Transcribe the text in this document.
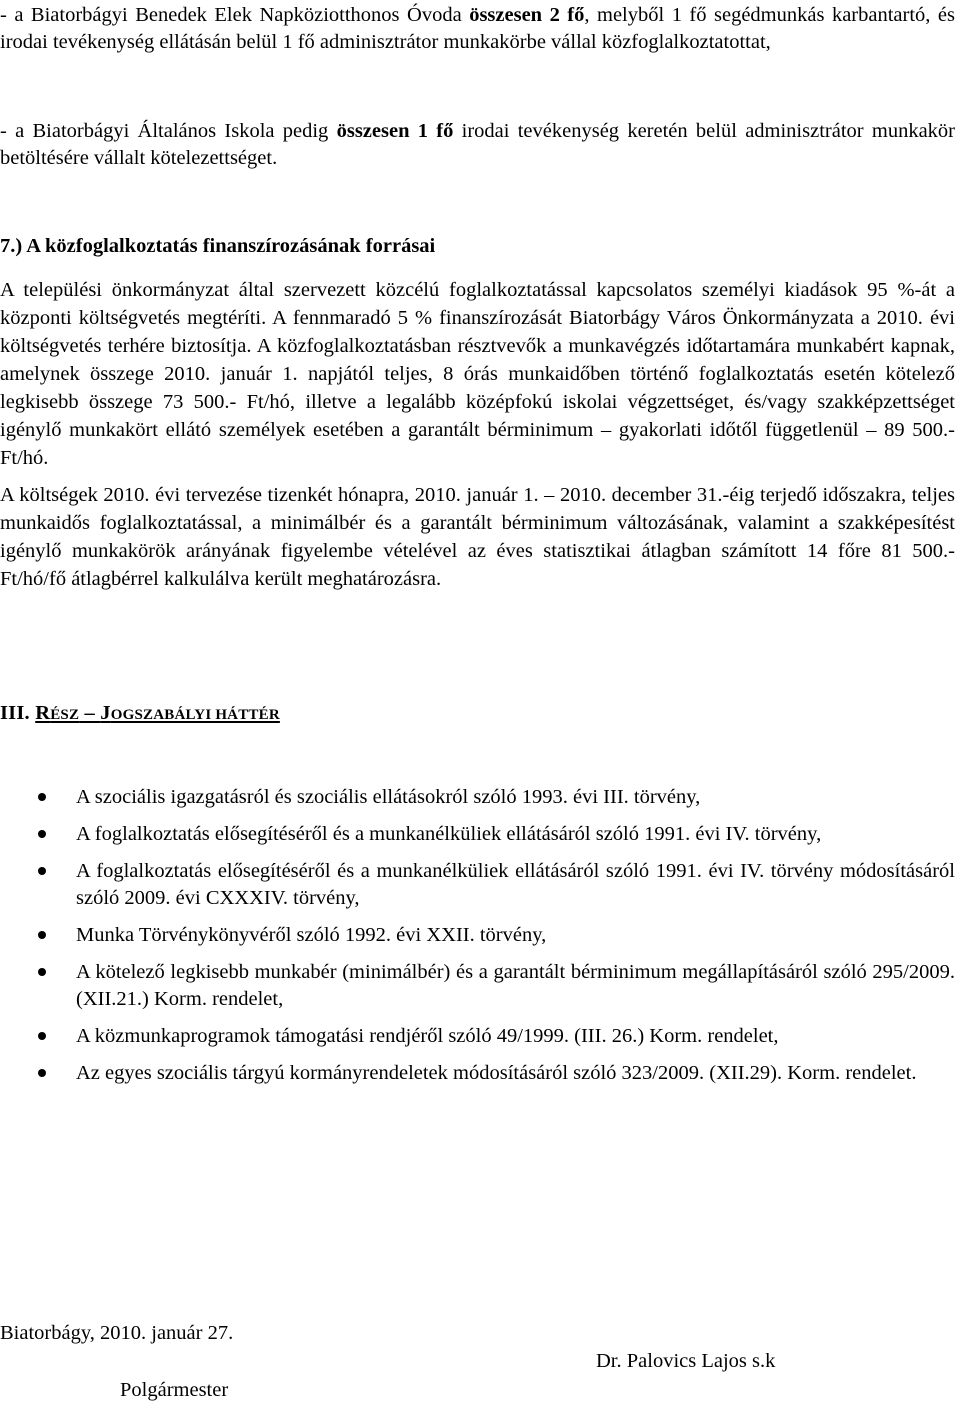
- a Biatorbágyi Benedek Elek Napköziotthonos Óvoda összesen 2 fő, melyből 1 fő segédmunkás karbantartó, és irodai tevékenység ellátásán belül 1 fő adminisztrátor munkakörbe vállal közfoglalkoztatottat,

- a Biatorbágyi Általános Iskola pedig összesen 1 fő irodai tevékenység keretén belül adminisztrátor munkakör betöltésére vállalt kötelezettséget.

7.) A közfoglalkoztatás finanszírozásának forrásai

A települési önkormányzat által szervezett közcélú foglalkoztatással kapcsolatos személyi kiadások 95 %-át a központi költségvetés megtéríti. A fennmaradó 5 % finanszírozását Biatorbágy Város Önkormányzata a 2010. évi költségvetés terhére biztosítja. A közfoglalkoztatásban résztvevők a munkavégzés időtartamára munkabért kapnak, amelynek összege 2010. január 1. napjától teljes, 8 órás munkaidőben történő foglalkoztatás esetén kötelező legkisebb összege 73 500.- Ft/hó, illetve a legalább középfokú iskolai végzettséget, és/vagy szakképzettséget igénylő munkakört ellátó személyek esetében a garantált bérminimum – gyakorlati időtől függetlenül – 89 500.- Ft/hó.

A költségek 2010. évi tervezése tizenkét hónapra, 2010. január 1. – 2010. december 31.-éig terjedő időszakra, teljes munkaidős foglalkoztatással, a minimálbér és a garantált bérminimum változásának, valamint a szakképesítést igénylő munkakörök arányának figyelembe vételével az éves statisztikai átlagban számított 14 főre 81 500.- Ft/hó/fő átlagbérrel kalkulálva került meghatározásra.

III. RÉSZ – JOGSZABÁLYI HÁTTÉR

A szociális igazgatásról és szociális ellátásokról szóló 1993. évi III. törvény,
A foglalkoztatás elősegítéséről és a munkanélküliek ellátásáról szóló 1991. évi IV. törvény,
A foglalkoztatás elősegítéséről és a munkanélküliek ellátásáról szóló 1991. évi IV. törvény módosításáról szóló 2009. évi CXXXIV. törvény,
Munka Törvénykönyvéről szóló 1992. évi XXII. törvény,
A kötelező legkisebb munkabér (minimálbér) és a garantált bérminimum megállapításáról szóló 295/2009. (XII.21.) Korm. rendelet,
A közmunkaprogramok támogatási rendjéről szóló 49/1999. (III. 26.) Korm. rendelet,
Az egyes szociális tárgyú kormányrendeletek módosításáról szóló 323/2009. (XII.29). Korm. rendelet.

Biatorbágy, 2010. január 27.

Dr. Palovics Lajos s.k

Polgármester
